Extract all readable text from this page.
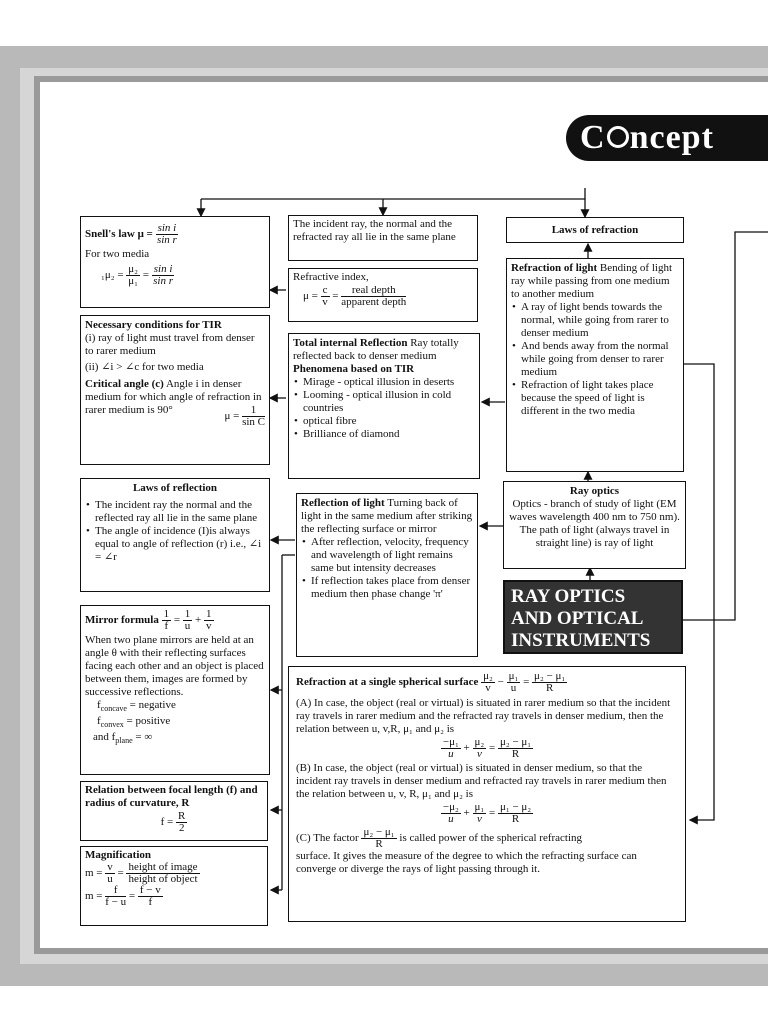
C ncept
Snell's law $\mu = \frac{\text{sin i}}{\text{sin r}}$
For two media
$_1\mu_2 = \frac{\text{μ₂}}{\text{μ₁}} = \frac{\text{sin i}}{\text{sin r}}$
The incident ray, the normal and the refracted ray all lie in the same plane
Laws of refraction
Refractive index,
$\mu = \frac{c}{v} = \frac{\text{real depth}}{\text{apparent depth}}$
Necessary conditions for TIR
(i) ray of light must travel from denser to rarer medium
(ii) ∠i > ∠c for two media
Critical angle (c) Angle i in denser medium for which angle of refraction in rarer medium is 90°
$\mu = \frac{1}{\text{sin C}}$
Total internal Reflection Ray totally reflected back to denser medium
Phenomena based on TIR
• Mirage - optical illusion in deserts
• Looming - optical illusion in cold countries
• optical fibre
• Brilliance of diamond
Refraction of light Bending of light ray while passing from one medium to another medium
• A ray of light bends towards the normal, while going from rarer to denser medium
• And bends away from the normal while going from denser to rarer medium
• Refraction of light takes place because the speed of light is different in the two media
Laws of reflection
• The incident ray the normal and the reflected ray all lie in the same plane
• The angle of incidence (I)is always equal to angle of reflection (r) i.e., ∠i = ∠r
Reflection of light Turning back of light in the same medium after striking the reflecting surface or mirror
• After reflection, velocity, frequency and wavelength of light remains same but intensity decreases
• If reflection takes place from denser medium then phase change 'π'
Ray optics
Optics - branch of study of light (EM waves wavelength 400 nm to 750 nm). The path of light (always travel in straight line) is ray of light
RAY OPTICS
AND OPTICAL
INSTRUMENTS
Mirror formula $\frac{1}{f} = \frac{1}{u} + \frac{1}{v}$
When two plane mirrors are held at an angle θ with their reflecting surfaces facing each other and an object is placed between them, images are formed by successive reflections.
$f_{concave}$ = negative
$f_{convex}$ = positive
and $f_{plane}$ = ∞
Relation between focal length (f) and radius of curvature, R
$f = \frac{R}{2}$
Magnification
$m = \frac{v}{u} = \frac{\text{height of image}}{\text{height of object}}$
$m = \frac{f}{f - u} = \frac{f - v}{f}$
Refraction at a single spherical surface $\frac{\text{μ₂}}{v} - \frac{\text{μ₁}}{u} = \frac{\text{μ₂ − μ₁}}{R}$
(A) In case, the object (real or virtual) is situated in rarer medium so that the incident ray travels in rarer medium and the refracted ray travels in denser medium, then the relation between u, v,R, μ₁ and μ₂ is
$\frac{\text{−μ₁}}{u} + \frac{\text{μ₂}}{v} = \frac{\text{μ₂ − μ₁}}{R}$
(B) In case, the object (real or virtual) is situated in denser medium, so that the incident ray travels in denser medium and refracted ray travels in rarer medium then the relation between u, v, R, μ₁ and μ₂ is
$\frac{\text{−μ₂}}{u} + \frac{\text{μ₁}}{v} = \frac{\text{μ₁ − μ₂}}{R}$
(C) The factor $\frac{\text{μ₂ − μ₁}}{R}$ is called power of the spherical refracting
surface. It gives the measure of the degree to which the refracting surface can converge or diverge the rays of light passing through it.
